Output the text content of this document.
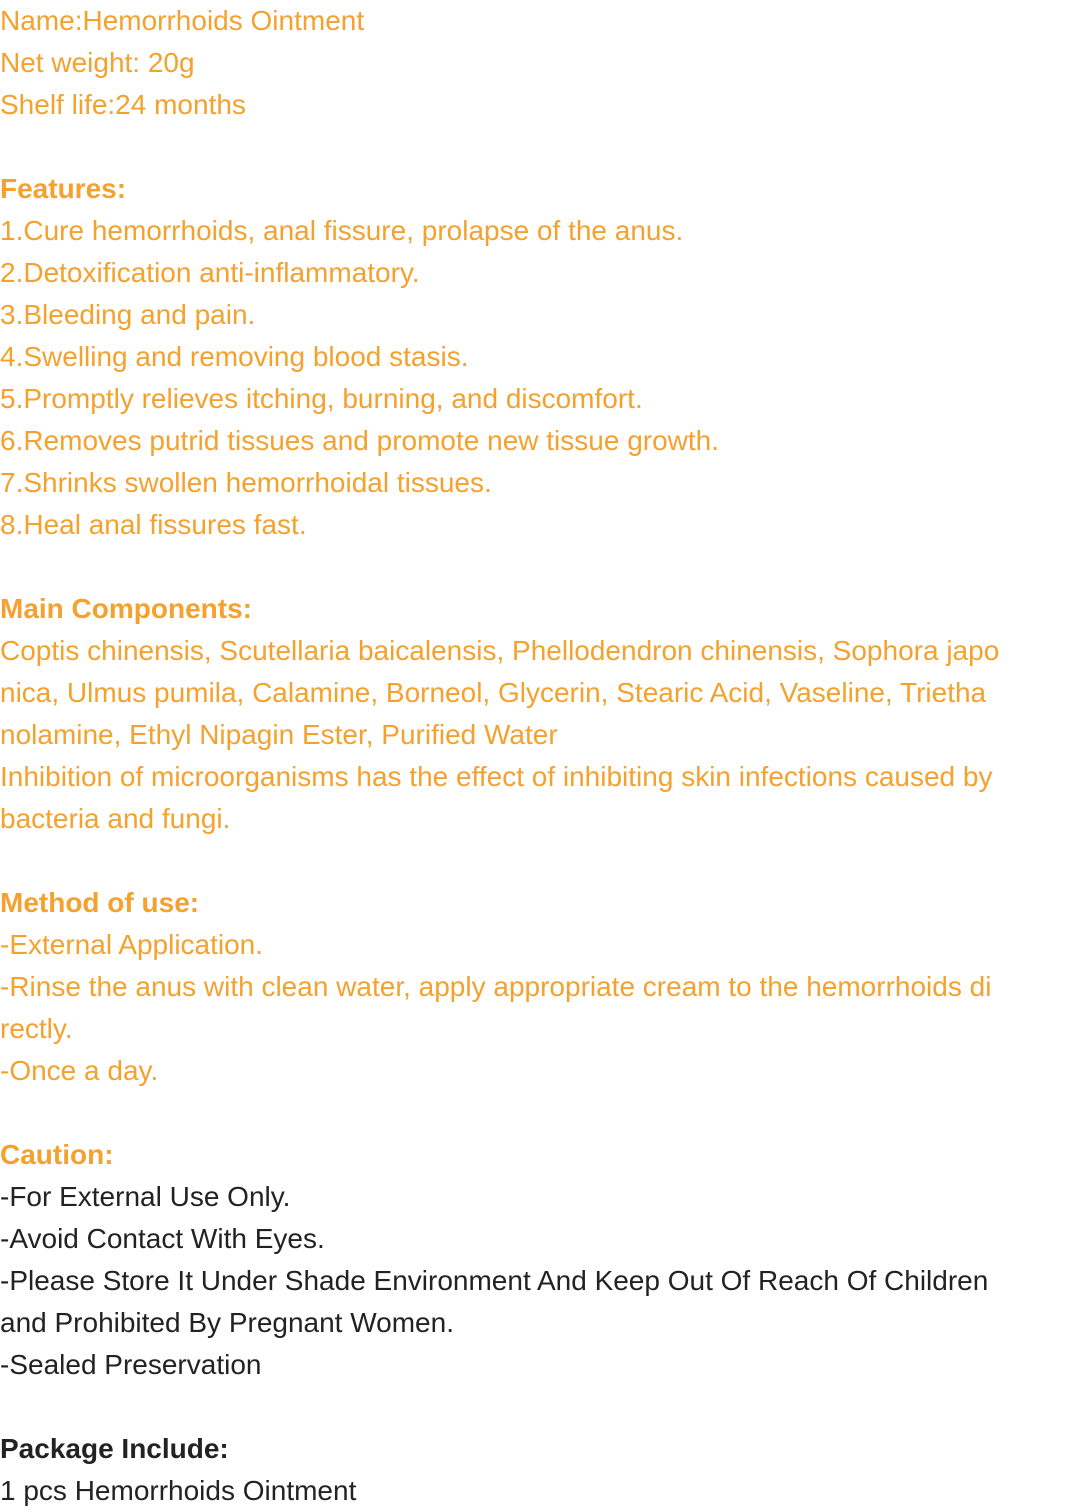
Name:Hemorrhoids Ointment
Net weight: 20g
Shelf life:24 months
Features:
1.Cure hemorrhoids, anal fissure, prolapse of the anus.
2.Detoxification anti-inflammatory.
3.Bleeding and pain.
4.Swelling and removing blood stasis.
5.Promptly relieves itching, burning, and discomfort.
6.Removes putrid tissues and promote new tissue growth.
7.Shrinks swollen hemorrhoidal tissues.
8.Heal anal fissures fast.
Main Components:
Coptis chinensis, Scutellaria baicalensis, Phellodendron chinensis, Sophora japo
nica, Ulmus pumila, Calamine, Borneol, Glycerin, Stearic Acid, Vaseline, Trietha
nolamine, Ethyl Nipagin Ester, Purified Water
Inhibition of microorganisms has the effect of inhibiting skin infections caused by
bacteria and fungi.
Method of use:
-External Application.
-Rinse the anus with clean water, apply appropriate cream to the hemorrhoids di
rectly.
-Once a day.
Caution:
-For External Use Only.
-Avoid Contact With Eyes.
-Please Store It Under Shade Environment And Keep Out Of Reach Of Children
and Prohibited By Pregnant Women.
-Sealed Preservation
Package Include:
1 pcs Hemorrhoids Ointment
